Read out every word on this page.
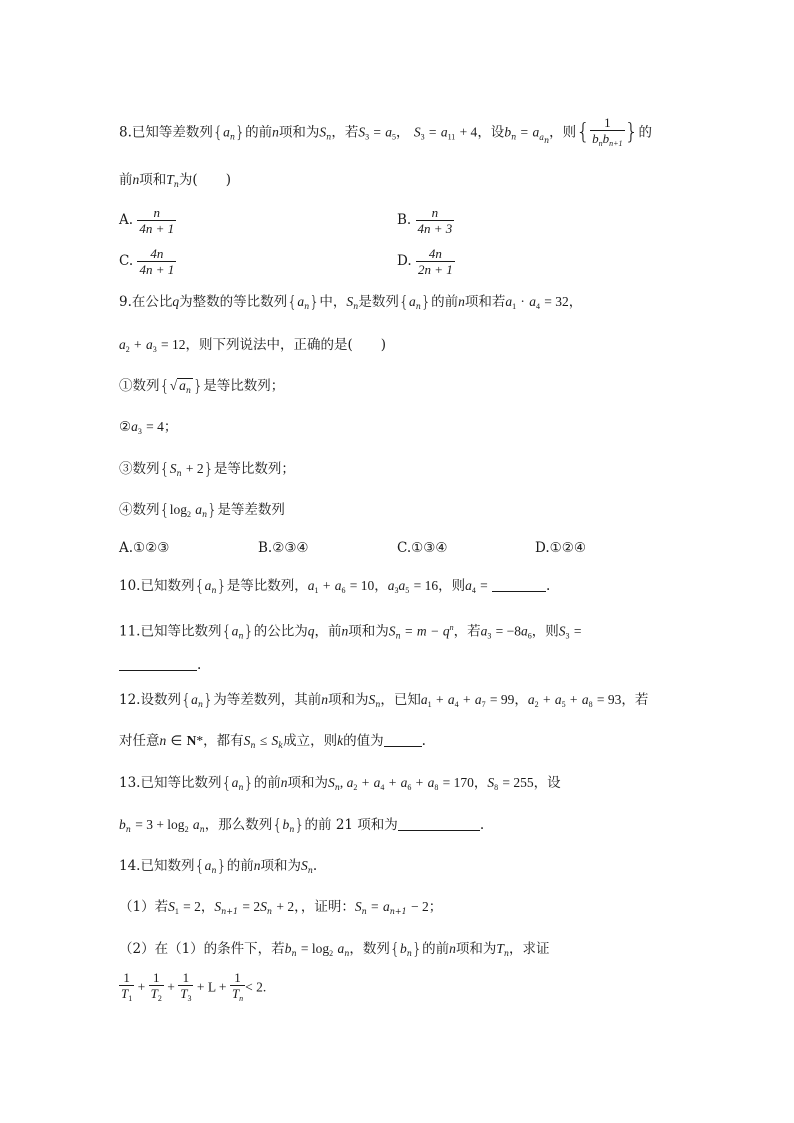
8.已知等差数列$\{a_n\}$的前n项和为$S_n$，若$S_3 = a_5$， $S_3 = a_{11} + 4$，设$b_n = a_{a_n}$，则{ $\frac{1}{b_nb_{n+1}}$ }的
前n项和$T_n$为( )
A. $\frac{n}{4n + 1}$	B. $\frac{n}{4n + 3}$
C. $\frac{4n}{4n + 1}$	D. $\frac{4n}{2n + 1}$
9.在公比q为整数的等比数列$\{a_n\}$中，$S_n$是数列$\{a_n\}$的前n项和若$a_1 \cdot a_4 = 32$，
$a_2 + a_3 = 12$，则下列说法中，正确的是( )
①数列{√ $a_n$ }是等比数列；
$②a_3 = 4$；
③数列$\{S_n + 2\}$是等比数列；
④数列{$\log_2$ $a_n$}是等差数列
A.①②③	B.②③④	C.①③④	D.①②④
10.已知数列$\{a_n\}$是等比数列，$a_1 + a_6 = 10$，$a_3a_5 = 16$，则$a_4$ =	.
11.已知等比数列$\{a_n\}$的公比为q，前n项和为$S_n = m - q^n$，若$a_3 = -8a_6$，则$S_3$ =
.
12.设数列$\{a_n\}$为等差数列，其前n项和为$S_n$，已知$a_1 + a_4 + a_7 = 99$，$a_2 + a_5 + a_8 = 93$，若
对任意n ∈ N*，都有$S_n \le S_k$成立，则k的值为	.
13.已知等比数列$\{a_n\}$的前n项和为$S_n$, $a_2 + a_4 + a_6 + a_8 = 170$，$S_8 = 255$，设
$b_n = 3 + \log_2 a_n$，那么数列$\{b_n\}$的前 21 项和为	.
14.已知数列$\{a_n\}$的前n项和为$S_n$.
（1）若$S_1 = 2$，$S_{n+1} = 2S_n + 2$，，证明：$S_n = a_{n+1} - 2$；
（2）在（1）的条件下，若$b_n = \log_2 a_n$，数列$\{b_n\}$的前n项和为$T_n$，求证
$\frac{1}{T_1} + \frac{1}{T_2} + \frac{1}{T_3} + L + \frac{1}{T_n} < 2$.
